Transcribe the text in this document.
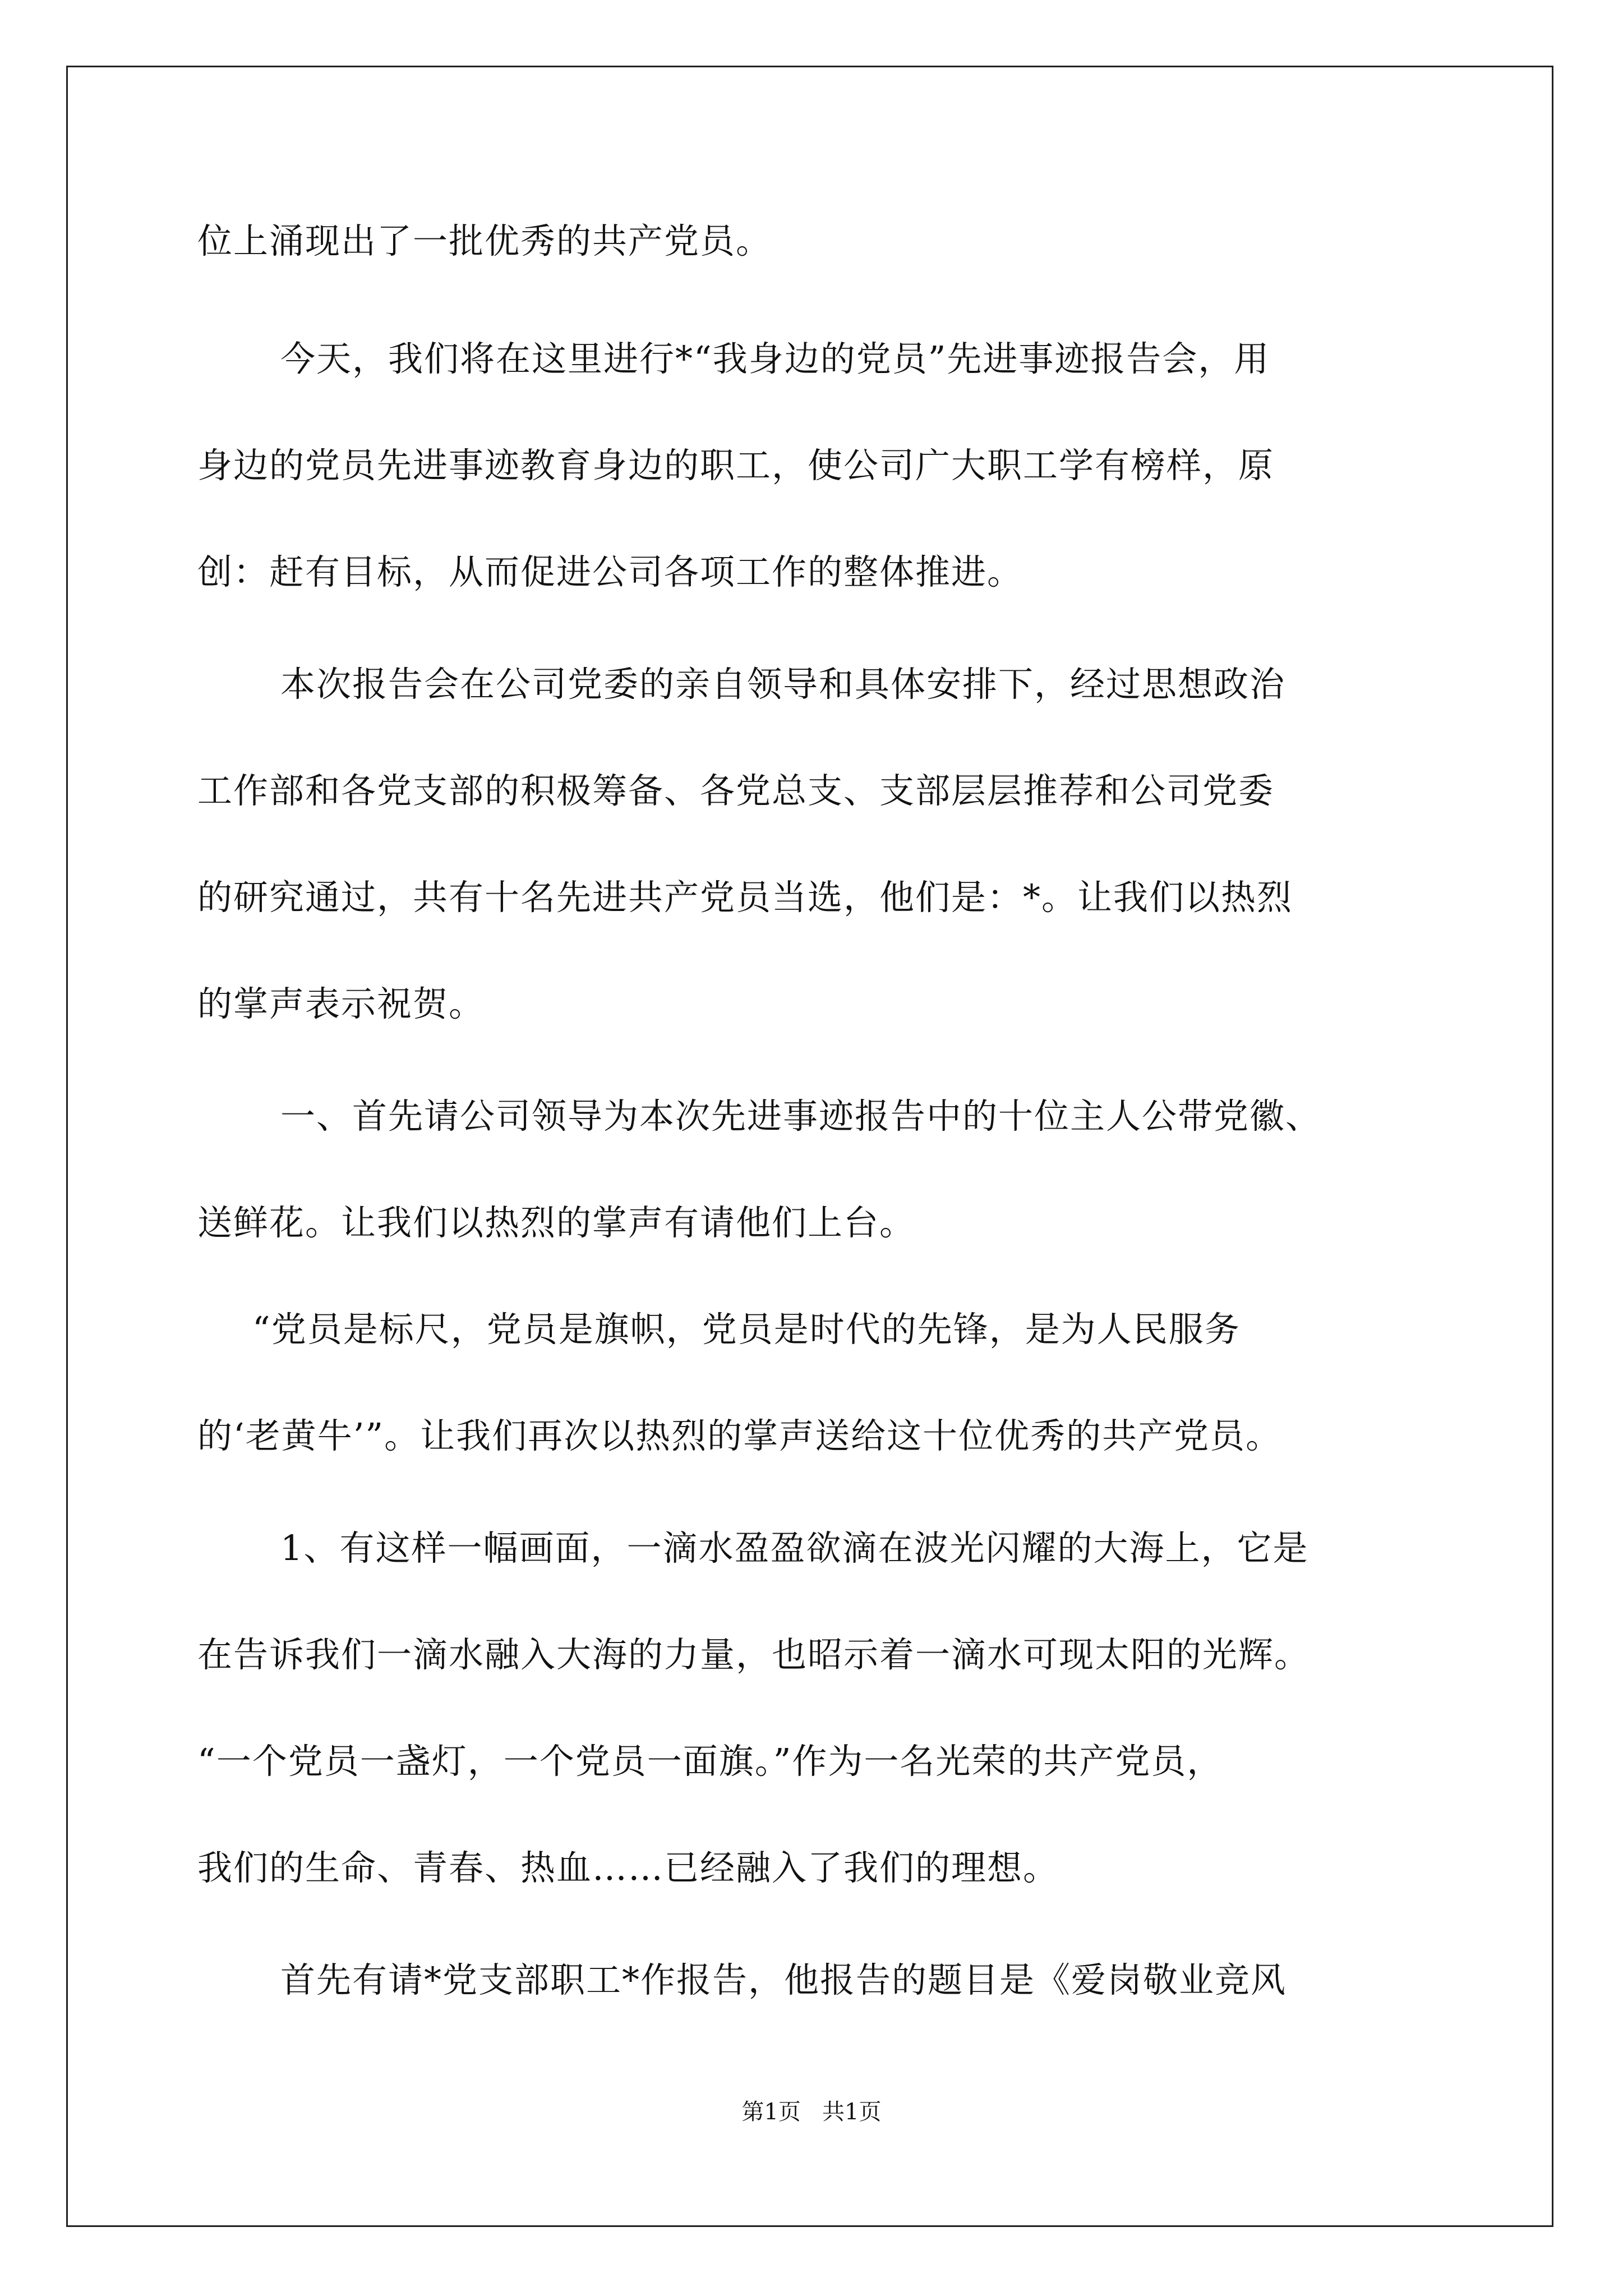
位上涌现出了一批优秀的共产党员。
今天，我们将在这里进行*“我身边的党员”先进事迹报告会，用
身边的党员先进事迹教育身边的职工，使公司广大职工学有榜样，原
创：赶有目标，从而促进公司各项工作的整体推进。
本次报告会在公司党委的亲自领导和具体安排下，经过思想政治
工作部和各党支部的积极筹备、各党总支、支部层层推荐和公司党委
的研究通过，共有十名先进共产党员当选，他们是：*。让我们以热烈
的掌声表示祝贺。
一、首先请公司领导为本次先进事迹报告中的十位主人公带党徽、
送鲜花。让我们以热烈的掌声有请他们上台。
“党员是标尺，党员是旗帜，党员是时代的先锋，是为人民服务
的‘老黄牛’”。让我们再次以热烈的掌声送给这十位优秀的共产党员。
1、有这样一幅画面，一滴水盈盈欲滴在波光闪耀的大海上，它是
在告诉我们一滴水融入大海的力量，也昭示着一滴水可现太阳的光辉。
“一个党员一盏灯，一个党员一面旗。”作为一名光荣的共产党员，
我们的生命、青春、热血……已经融入了我们的理想。
首先有请*党支部职工*作报告，他报告的题目是《爱岗敬业竞风
第1页   共1页
